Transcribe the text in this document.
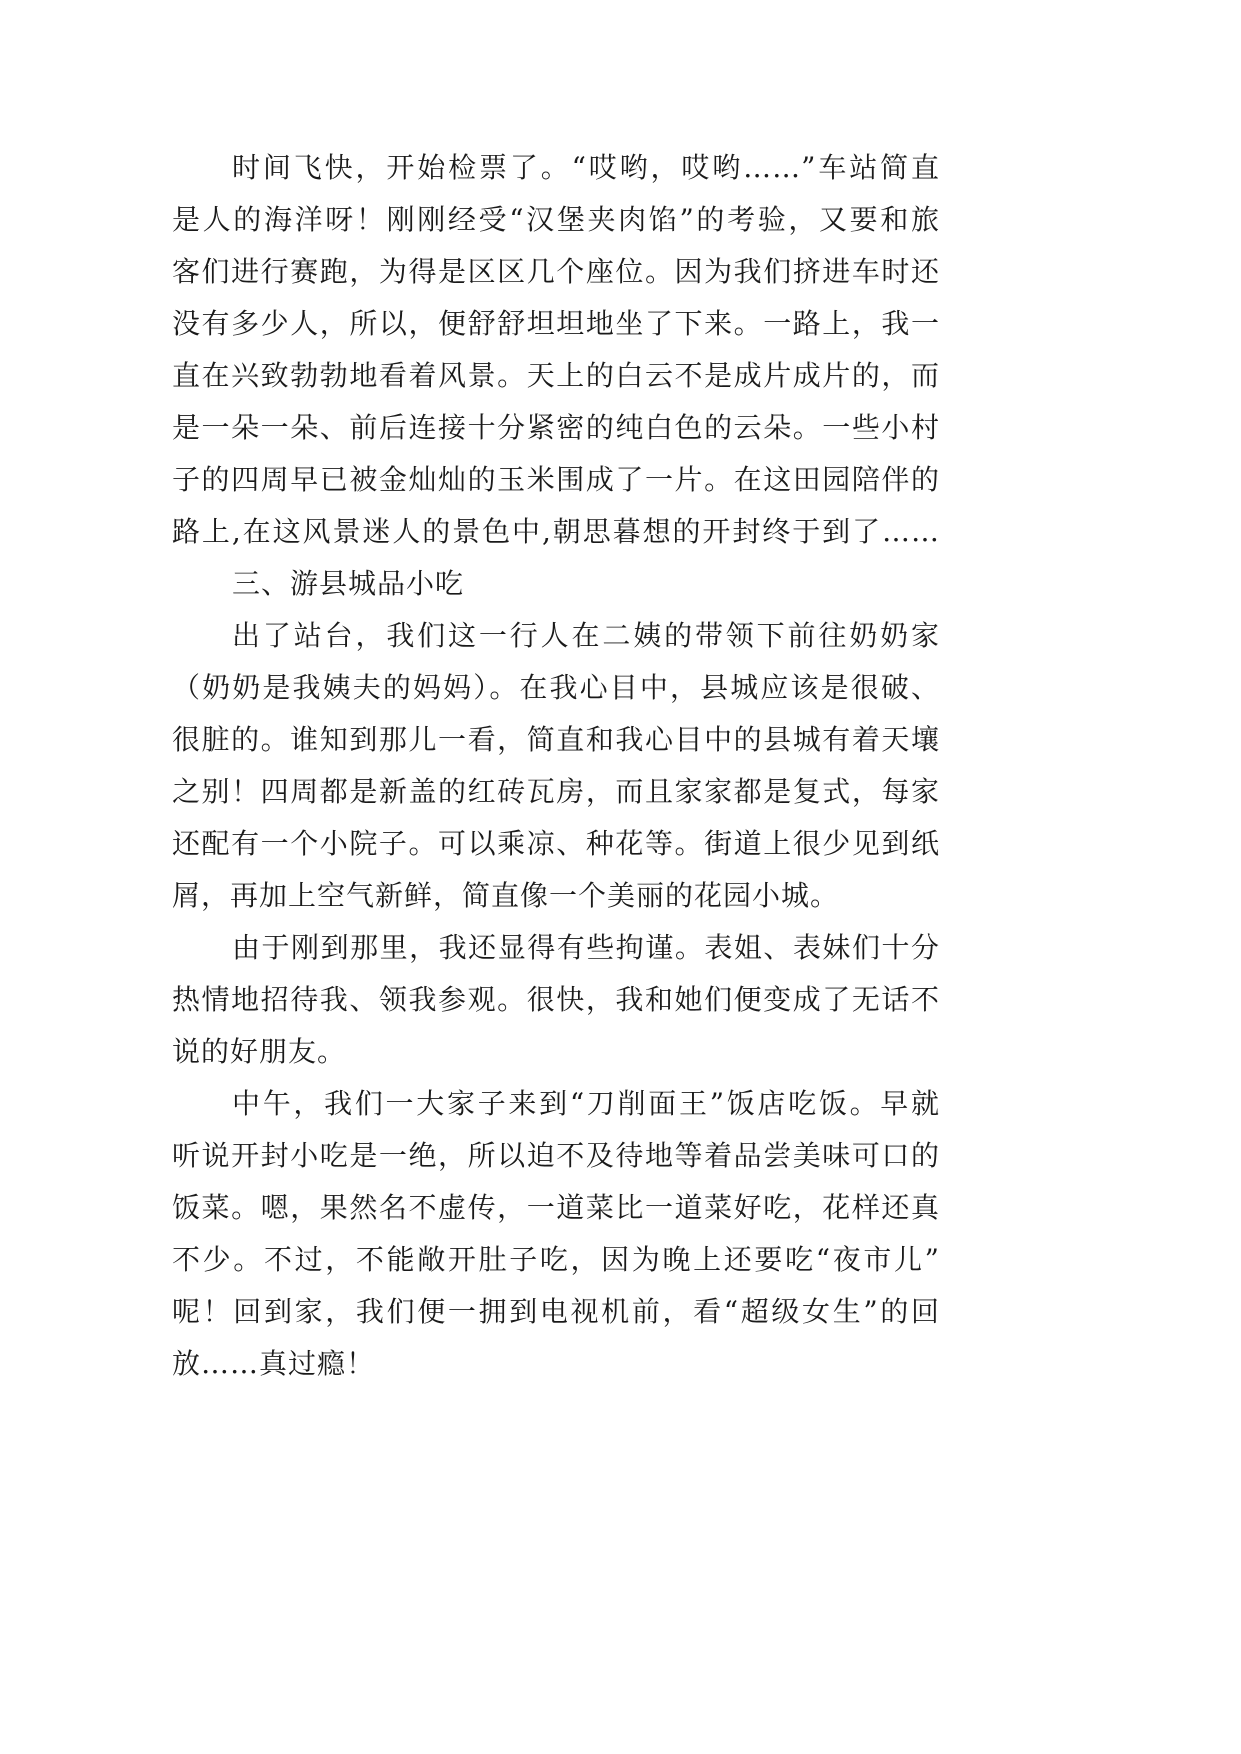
时间飞快，开始检票了。“哎哟，哎哟……”车站简直
是人的海洋呀！刚刚经受“汉堡夹肉馅”的考验，又要和旅
客们进行赛跑，为得是区区几个座位。因为我们挤进车时还
没有多少人，所以，便舒舒坦坦地坐了下来。一路上，我一
直在兴致勃勃地看着风景。天上的白云不是成片成片的，而
是一朵一朵、前后连接十分紧密的纯白色的云朵。一些小村
子的四周早已被金灿灿的玉米围成了一片。在这田园陪伴的
路上,在这风景迷人的景色中,朝思暮想的开封终于到了……
三、游县城品小吃
出了站台，我们这一行人在二姨的带领下前往奶奶家
（奶奶是我姨夫的妈妈）。在我心目中，县城应该是很破、
很脏的。谁知到那儿一看，简直和我心目中的县城有着天壤
之别！四周都是新盖的红砖瓦房，而且家家都是复式，每家
还配有一个小院子。可以乘凉、种花等。街道上很少见到纸
屑，再加上空气新鲜，简直像一个美丽的花园小城。
由于刚到那里，我还显得有些拘谨。表姐、表妹们十分
热情地招待我、领我参观。很快，我和她们便变成了无话不
说的好朋友。
中午，我们一大家子来到“刀削面王”饭店吃饭。早就
听说开封小吃是一绝，所以迫不及待地等着品尝美味可口的
饭菜。嗯，果然名不虚传，一道菜比一道菜好吃，花样还真
不少。不过，不能敞开肚子吃，因为晚上还要吃“夜市儿”
呢！回到家，我们便一拥到电视机前，看“超级女生”的回
放……真过瘾！
